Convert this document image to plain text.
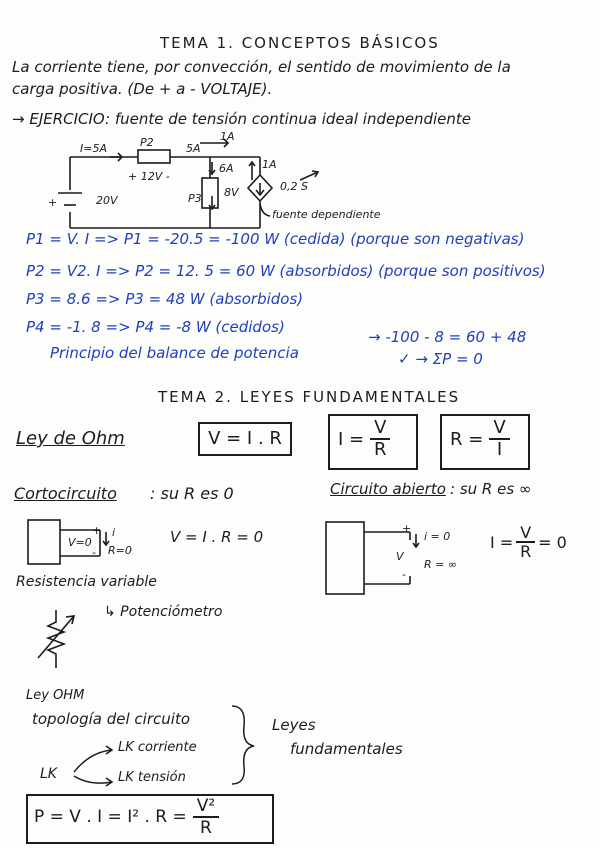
TEMA 1. CONCEPTOS BÁSICOS
La corriente tiene, por convección, el sentido de movimiento de la
carga positiva. (De + a - VOLTAJE).
→ EJERCICIO: fuente de tensión continua ideal independiente
I=5A	P2	5A
1A
+ 12V -
+	20V
6A
P3 8V
1A
0,2 S
fuente dependiente
P1 = V. I => P1 = -20.5 = -100 W (cedida) (porque son negativas)
P2 = V2. I => P2 = 12. 5 = 60 W (absorbidos) (porque son positivos)
P3 = 8.6 => P3 = 48 W (absorbidos)
P4 = -1. 8 => P4 = -8 W (cedidos)
Principio del balance de potencia
→ -100 - 8 = 60 + 48
✓ → ΣP = 0
TEMA 2. LEYES FUNDAMENTALES
Ley de Ohm	V = I . R	$I = \frac{V}{R}$	$R = \frac{V}{I}$
Cortocircuito : su R es 0
V=0
+
-
i
R=0
V = I . R = 0
Circuito abierto : su R es ∞
+
i = 0
V
-
R = ∞
$I = \frac{V}{R} = 0$
Resistencia variable
↳ Potenciómetro
Ley OHM
topología del circuito
LK
LK corriente
LK tensión
Leyes
fundamentales
P = V . I = I² . $R = \frac{\text{V²}}{R}$
